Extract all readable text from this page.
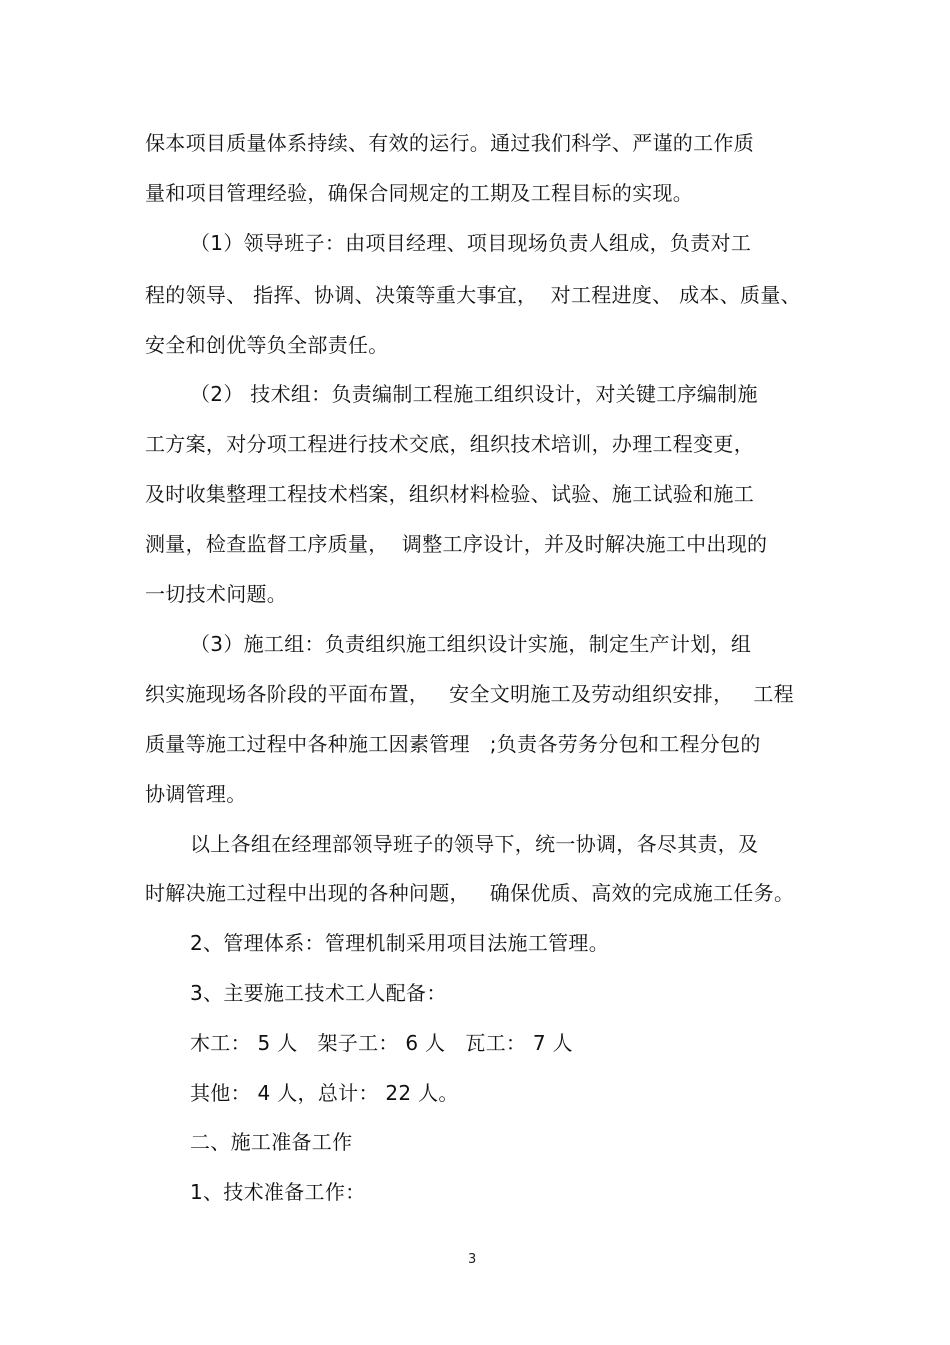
保本项目质量体系持续、有效的运行。通过我们科学、严谨的工作质
量和项目管理经验，确保合同规定的工期及工程目标的实现。
（1）领导班子：由项目经理、项目现场负责人组成，负责对工
程的领导、 指挥、协调、决策等重大事宜，  对工程进度、 成本、质量、
安全和创优等负全部责任。
（2） 技术组：负责编制工程施工组织设计，对关键工序编制施
工方案，对分项工程进行技术交底，组织技术培训，办理工程变更，
及时收集整理工程技术档案，组织材料检验、试验、施工试验和施工
测量，检查监督工序质量，  调整工序设计，并及时解决施工中出现的
一切技术问题。
（3）施工组：负责组织施工组织设计实施，制定生产计划，组
织实施现场各阶段的平面布置，   安全文明施工及劳动组织安排，   工程
质量等施工过程中各种施工因素管理   ;负责各劳务分包和工程分包的
协调管理。
以上各组在经理部领导班子的领导下，统一协调，各尽其责，及
时解决施工过程中出现的各种问题，   确保优质、高效的完成施工任务。
2、管理体系：管理机制采用项目法施工管理。
3、主要施工技术工人配备：
木工： 5 人   架子工： 6 人   瓦工： 7 人
其他： 4 人，总计： 22 人。
二、施工准备工作
1、技术准备工作：
3
